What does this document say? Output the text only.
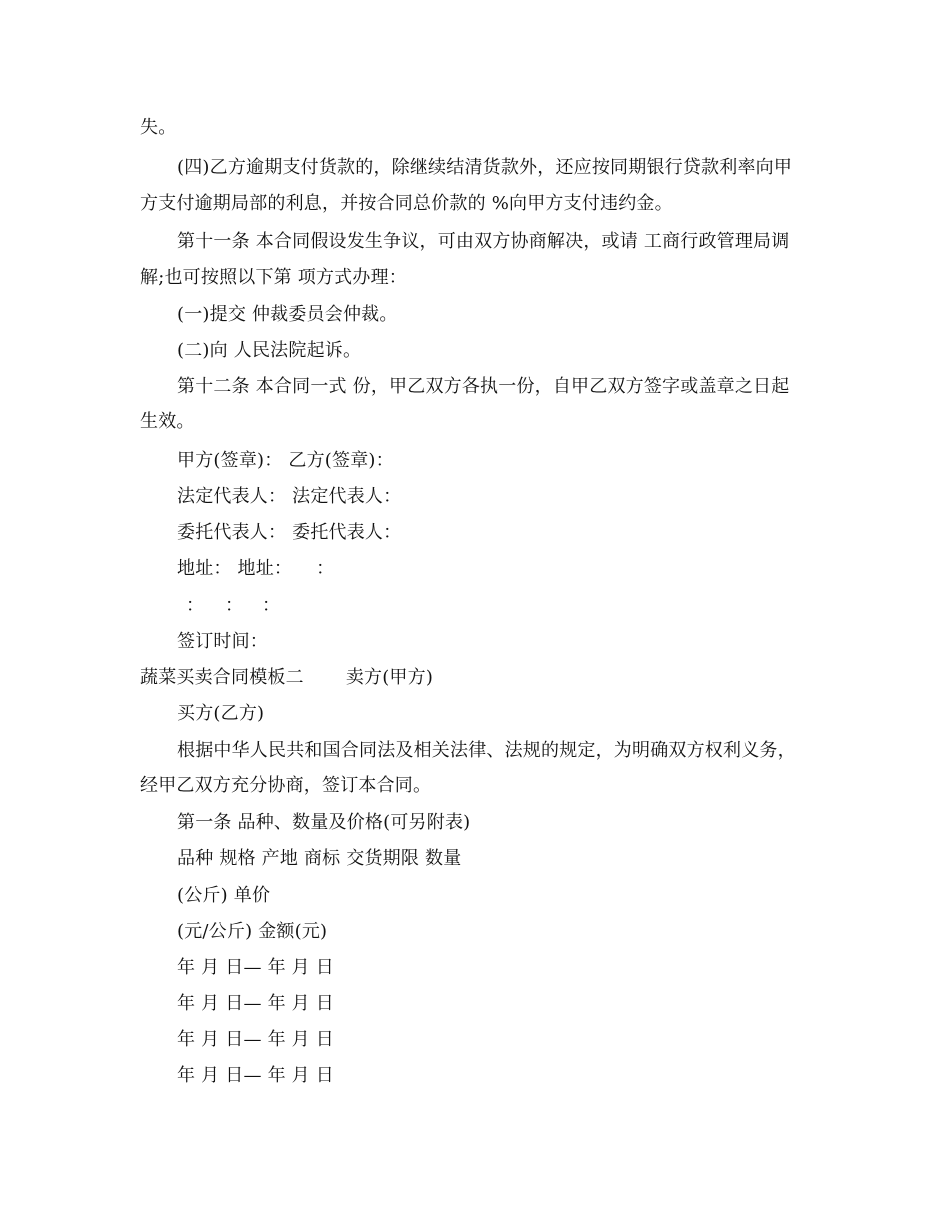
失。
(四)乙方逾期支付货款的，除继续结清货款外，还应按同期银行贷款利率向甲
方支付逾期局部的利息，并按合同总价款的 %向甲方支付违约金。
第十一条 本合同假设发生争议，可由双方协商解决，或请 工商行政管理局调
解;也可按照以下第 项方式办理：
(一)提交 仲裁委员会仲裁。
(二)向 人民法院起诉。
第十二条 本合同一式 份，甲乙双方各执一份，自甲乙双方签字或盖章之日起
生效。
甲方(签章)： 乙方(签章)：
法定代表人： 法定代表人：
委托代表人： 委托代表人：
地址： 地址： ：
： ： ：
签订时间：
蔬菜买卖合同模板二 卖方(甲方)
买方(乙方)
根据中华人民共和国合同法及相关法律、法规的规定，为明确双方权利义务，
经甲乙双方充分协商，签订本合同。
第一条 品种、数量及价格(可另附表)
品种 规格 产地 商标 交货期限 数量
(公斤) 单价
(元/公斤) 金额(元)
年 月 日— 年 月 日
年 月 日— 年 月 日
年 月 日— 年 月 日
年 月 日— 年 月 日
